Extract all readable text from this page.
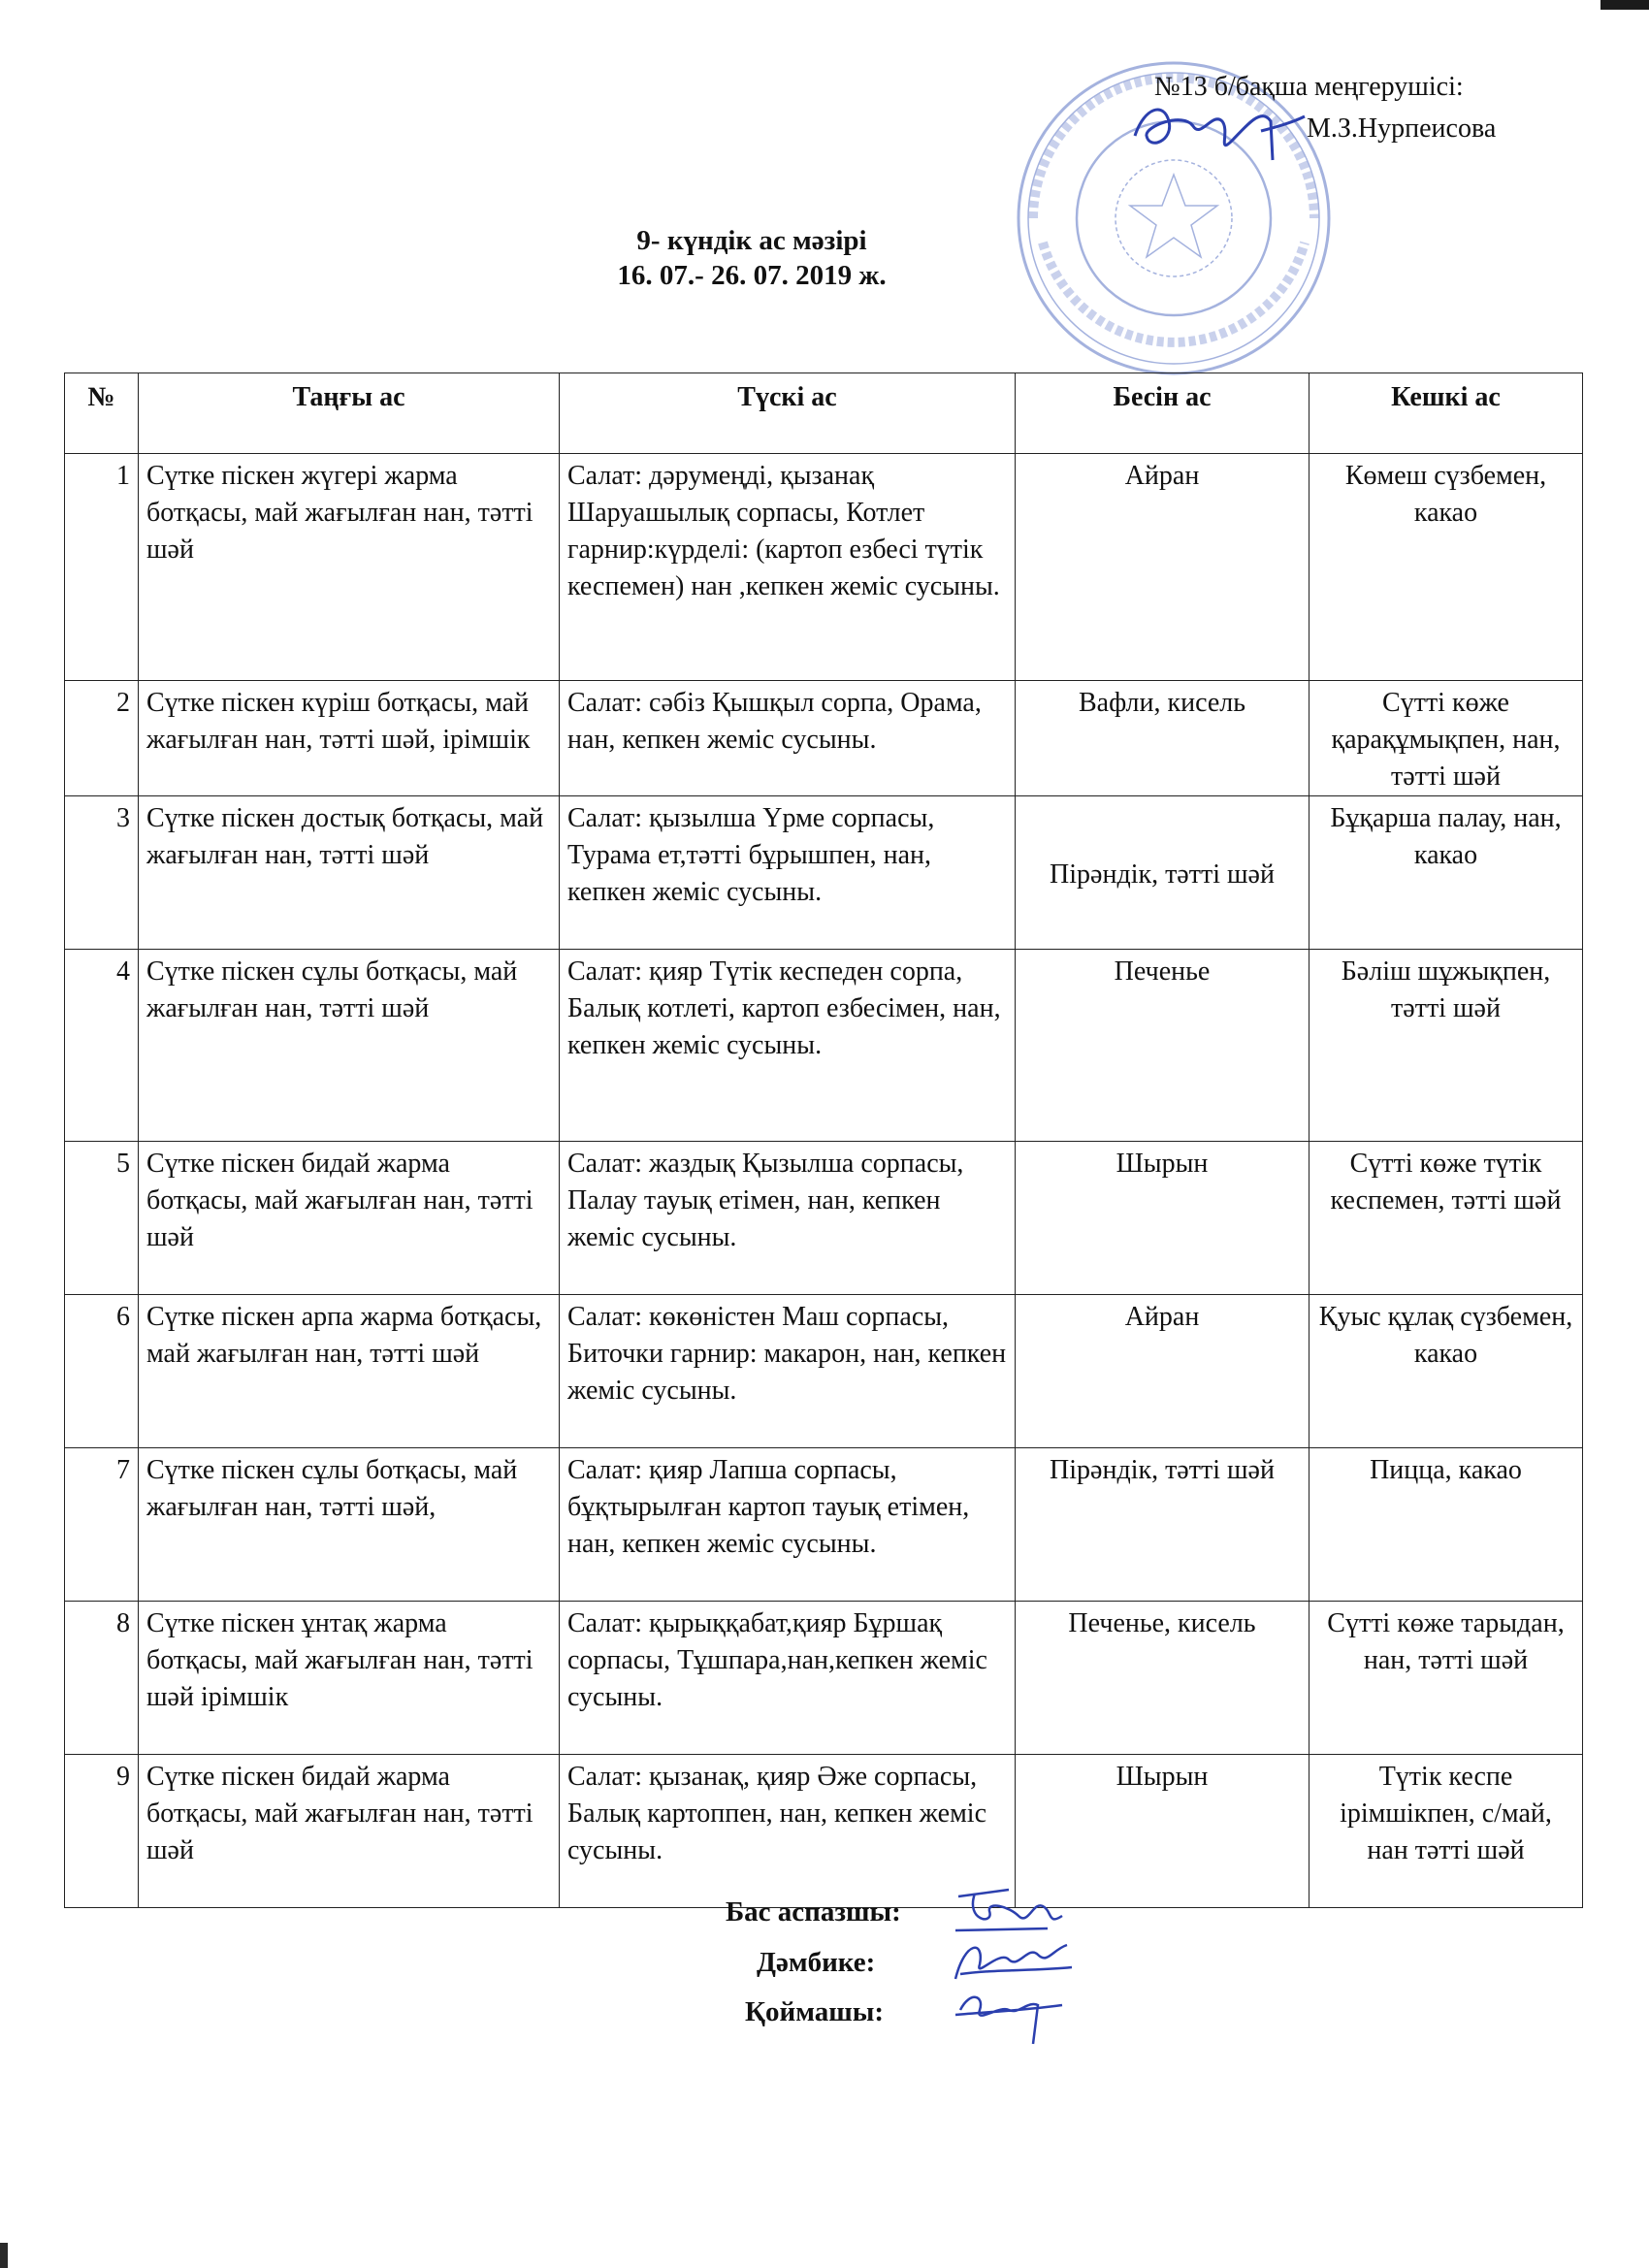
№13 б/бақша меңгерушісі:
М.З.Нурпеисова
9- күндік ас мәзірі
16. 07.- 26. 07. 2019 ж.
№	Таңғы ас	Түскі ас	Бесін ас	Кешкі ас
1	Сүтке піскен жүгері жарма ботқасы, май жағылған нан, тәтті шәй	Салат: дәрумеңді, қызанақ Шаруашылық сорпасы, Котлет гарнир:күрделі: (картоп езбесі түтік кеспемен) нан ,кепкен жеміс сусыны.	Айран	Көмеш сүзбемен, какао
2	Сүтке піскен күріш ботқасы, май жағылған нан, тәтті шәй, ірімшік	Салат: сәбіз Қышқыл сорпа, Орама, нан, кепкен жеміс сусыны.	Вафли, кисель	Сүтті көже қарақұмықпен, нан, тәтті шәй
3	Сүтке піскен достық ботқасы, май жағылған нан, тәтті шәй	Салат: қызылша Үрме сорпасы, Турама ет,тәтті бұрышпен, нан, кепкен жеміс сусыны.	Пірәндік, тәтті шәй	Бұқарша палау, нан, какао
4	Сүтке піскен сұлы ботқасы, май жағылған нан, тәтті шәй	Салат: қияр Түтік кеспеден сорпа, Балық котлеті, картоп езбесімен, нан, кепкен жеміс сусыны.	Печенье	Бәліш шұжықпен, тәтті шәй
5	Сүтке піскен бидай жарма ботқасы, май жағылған нан, тәтті шәй	Салат: жаздық Қызылша сорпасы, Палау тауық етімен, нан, кепкен жеміс сусыны.	Шырын	Сүтті көже түтік кеспемен, тәтті шәй
6	Сүтке піскен арпа жарма ботқасы, май жағылған нан, тәтті шәй	Салат: көкөністен Маш сорпасы, Биточки гарнир: макарон, нан, кепкен жеміс сусыны.	Айран	Қуыс құлақ сүзбемен, какао
7	Сүтке піскен сұлы ботқасы, май жағылған нан, тәтті шәй,	Салат: қияр Лапша сорпасы, бұқтырылған картоп тауық етімен, нан, кепкен жеміс сусыны.	Пірәндік, тәтті шәй	Пицца, какао
8	Сүтке піскен ұнтақ жарма ботқасы, май жағылған нан, тәтті шәй ірімшік	Салат: қырыққабат,қияр Бұршақ сорпасы, Тұшпара,нан,кепкен жеміс сусыны.	Печенье, кисель	Сүтті көже тарыдан, нан, тәтті шәй
9	Сүтке піскен бидай жарма ботқасы, май жағылған нан, тәтті шәй	Салат: қызанақ, қияр Әже сорпасы, Балық картоппен, нан, кепкен жеміс сусыны.	Шырын	Түтік кеспе ірімшікпен, с/май, нан тәтті шәй
Бас аспазшы:
Дәмбике:
Қоймашы:
